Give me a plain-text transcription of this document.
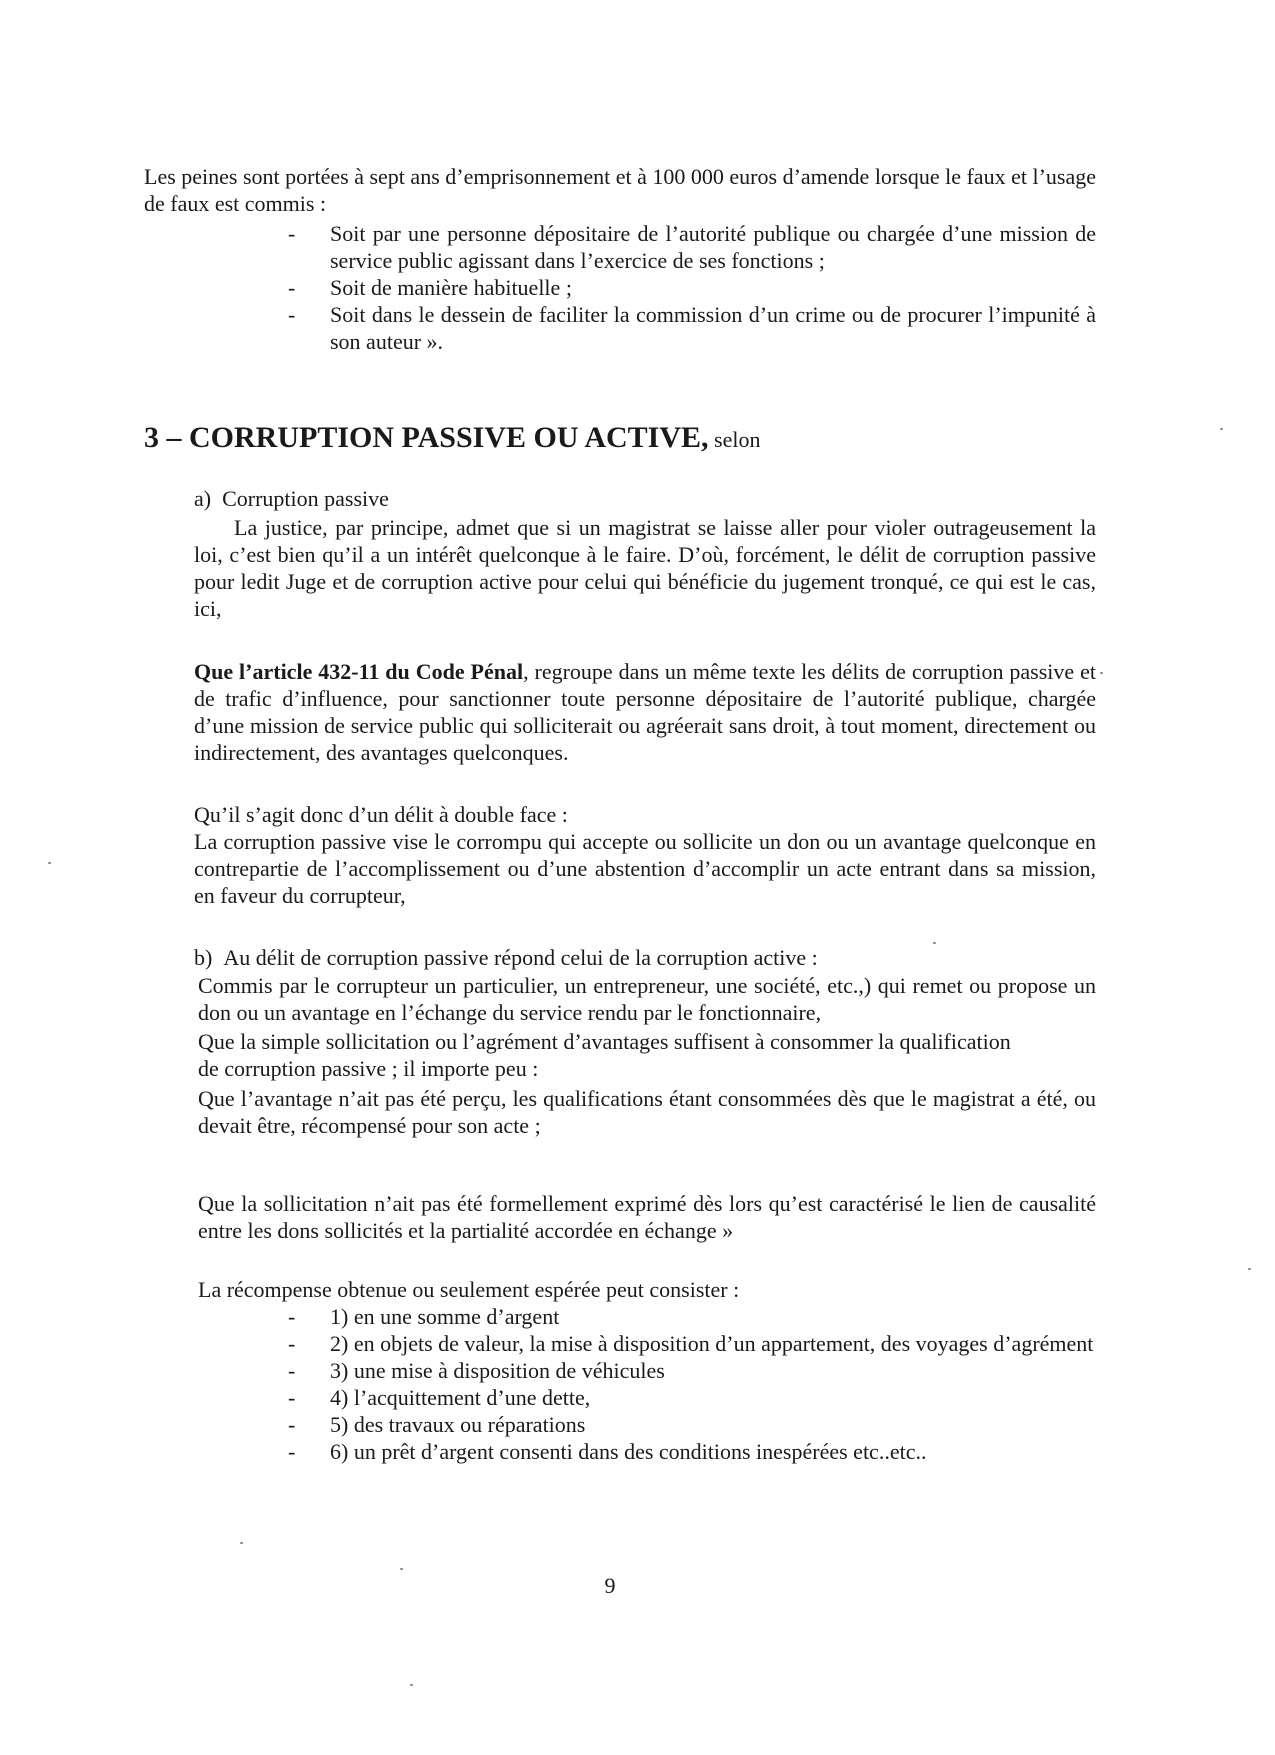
Les peines sont portées à sept ans d’emprisonnement et à 100 000 euros d’amende lorsque le faux et l’usage de faux est commis :

- Soit par une personne dépositaire de l’autorité publique ou chargée d’une mission de service public agissant dans l’exercice de ses fonctions ;
- Soit de manière habituelle ;
- Soit dans le dessein de faciliter la commission d’un crime ou de procurer l’impunité à son auteur ».
3 – CORRUPTION PASSIVE OU ACTIVE, selon
a) Corruption passive

La justice, par principe, admet que si un magistrat se laisse aller pour violer outrageusement la loi, c’est bien qu’il a un intérêt quelconque à le faire. D’où, forcément, le délit de corruption passive pour ledit Juge et de corruption active pour celui qui bénéficie du jugement tronqué, ce qui est le cas, ici,

Que l’article 432-11 du Code Pénal, regroupe dans un même texte les délits de corruption passive et de trafic d’influence, pour sanctionner toute personne dépositaire de l’autorité publique, chargée d’une mission de service public qui solliciterait ou agréerait sans droit, à tout moment, directement ou indirectement, des avantages quelconques.

Qu’il s’agit donc d’un délit à double face :

La corruption passive vise le corrompu qui accepte ou sollicite un don ou un avantage quelconque en contrepartie de l’accomplissement ou d’une abstention d’accomplir un acte entrant dans sa mission, en faveur du corrupteur,

b) Au délit de corruption passive répond celui de la corruption active :

Commis par le corrupteur un particulier, un entrepreneur, une société, etc.,) qui remet ou propose un don ou un avantage en l’échange du service rendu par le fonctionnaire,

Que la simple sollicitation ou l’agrément d’avantages suffisent à consommer la qualification de corruption passive ; il importe peu :

Que l’avantage n’ait pas été perçu, les qualifications étant consommées dès que le magistrat a été, ou devait être, récompensé pour son acte ;

Que la sollicitation n’ait pas été formellement exprimé dès lors qu’est caractérisé le lien de causalité entre les dons sollicités et la partialité accordée en échange »

La récompense obtenue ou seulement espérée peut consister :

- 1) en une somme d’argent
- 2) en objets de valeur, la mise à disposition d’un appartement, des voyages d’agrément
- 3) une mise à disposition de véhicules
- 4) l’acquittement d’une dette,
- 5) des travaux ou réparations
- 6) un prêt d’argent consenti dans des conditions inespérées etc..etc..
9
